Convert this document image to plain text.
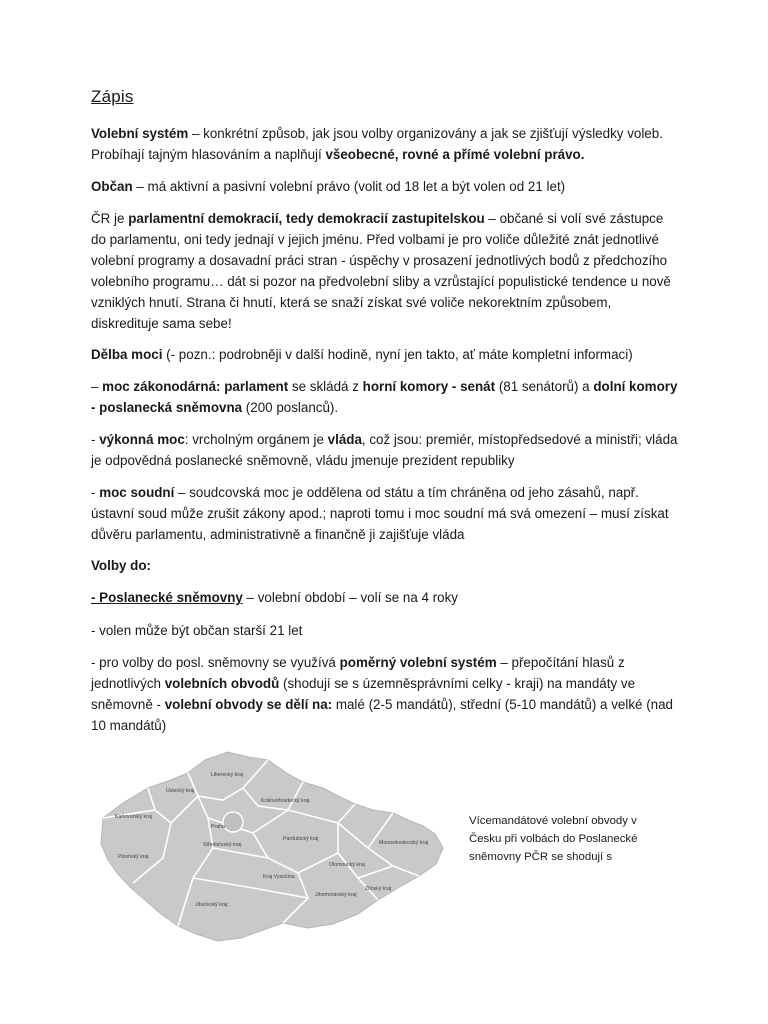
Zápis
Volební systém – konkrétní způsob, jak jsou volby organizovány a jak se zjišťují výsledky voleb. Probíhají tajným hlasováním a naplňují všeobecné, rovné a přímé volební právo.
Občan – má aktivní a pasivní volební právo (volit od 18 let a být volen od 21 let)
ČR je parlamentní demokracií, tedy demokracií zastupitelskou – občané si volí své zástupce do parlamentu, oni tedy jednají v jejich jménu. Před volbami je pro voliče důležité znát jednotlivé volební programy a dosavadní práci stran - úspěchy v prosazení jednotlivých bodů z předchozího volebního programu… dát si pozor na předvolební sliby a vzrůstající populistické tendence u nově vzniklých hnutí. Strana či hnutí, která se snaží získat své voliče nekorektním způsobem, diskredituje sama sebe!
Dělba moci (- pozn.: podrobněji v další hodině, nyní jen takto, ať máte kompletní informaci)
– moc zákonodárná: parlament se skládá z horní komory - senát (81 senátorů) a dolní komory - poslanecká sněmovna (200 poslanců).
- výkonná moc: vrcholným orgánem je vláda, což jsou: premiér, místopředsedové a ministři; vláda je odpovědná poslanecké sněmovně, vládu jmenuje prezident republiky
- moc soudní – soudcovská moc je oddělena od státu a tím chráněna od jeho zásahů, např. ústavní soud může zrušit zákony apod.; naproti tomu i moc soudní má svá omezení – musí získat důvěru parlamentu, administrativně a finančně ji zajišťuje vláda
Volby do:
- Poslanecké sněmovny – volební období – volí se na 4 roky
- volen může být občan starší 21 let
- pro volby do posl. sněmovny se využívá poměrný volební systém – přepočítání hlasů z jednotlivých volebních obvodů (shodují se s územněsprávními celky - kraji) na mandáty ve sněmovně - volební obvody se dělí na: malé (2-5 mandátů), střední (5-10 mandátů) a velké (nad 10 mandátů)
Liberecký kraj
Ústecký kraj
Královéhradecký kraj
Karlovarský kraj
Praha
Středočeský kraj
Pardubický kraj
Moravskoslezský kraj
Plzeňský kraj
Olomoucký kraj
Kraj Vysočina
Jihomoravský kraj
Zlínský kraj
Jihočeský kraj
Vícemandátové volební obvody v Česku při volbách do Poslanecké sněmovny PČR se shodují s
